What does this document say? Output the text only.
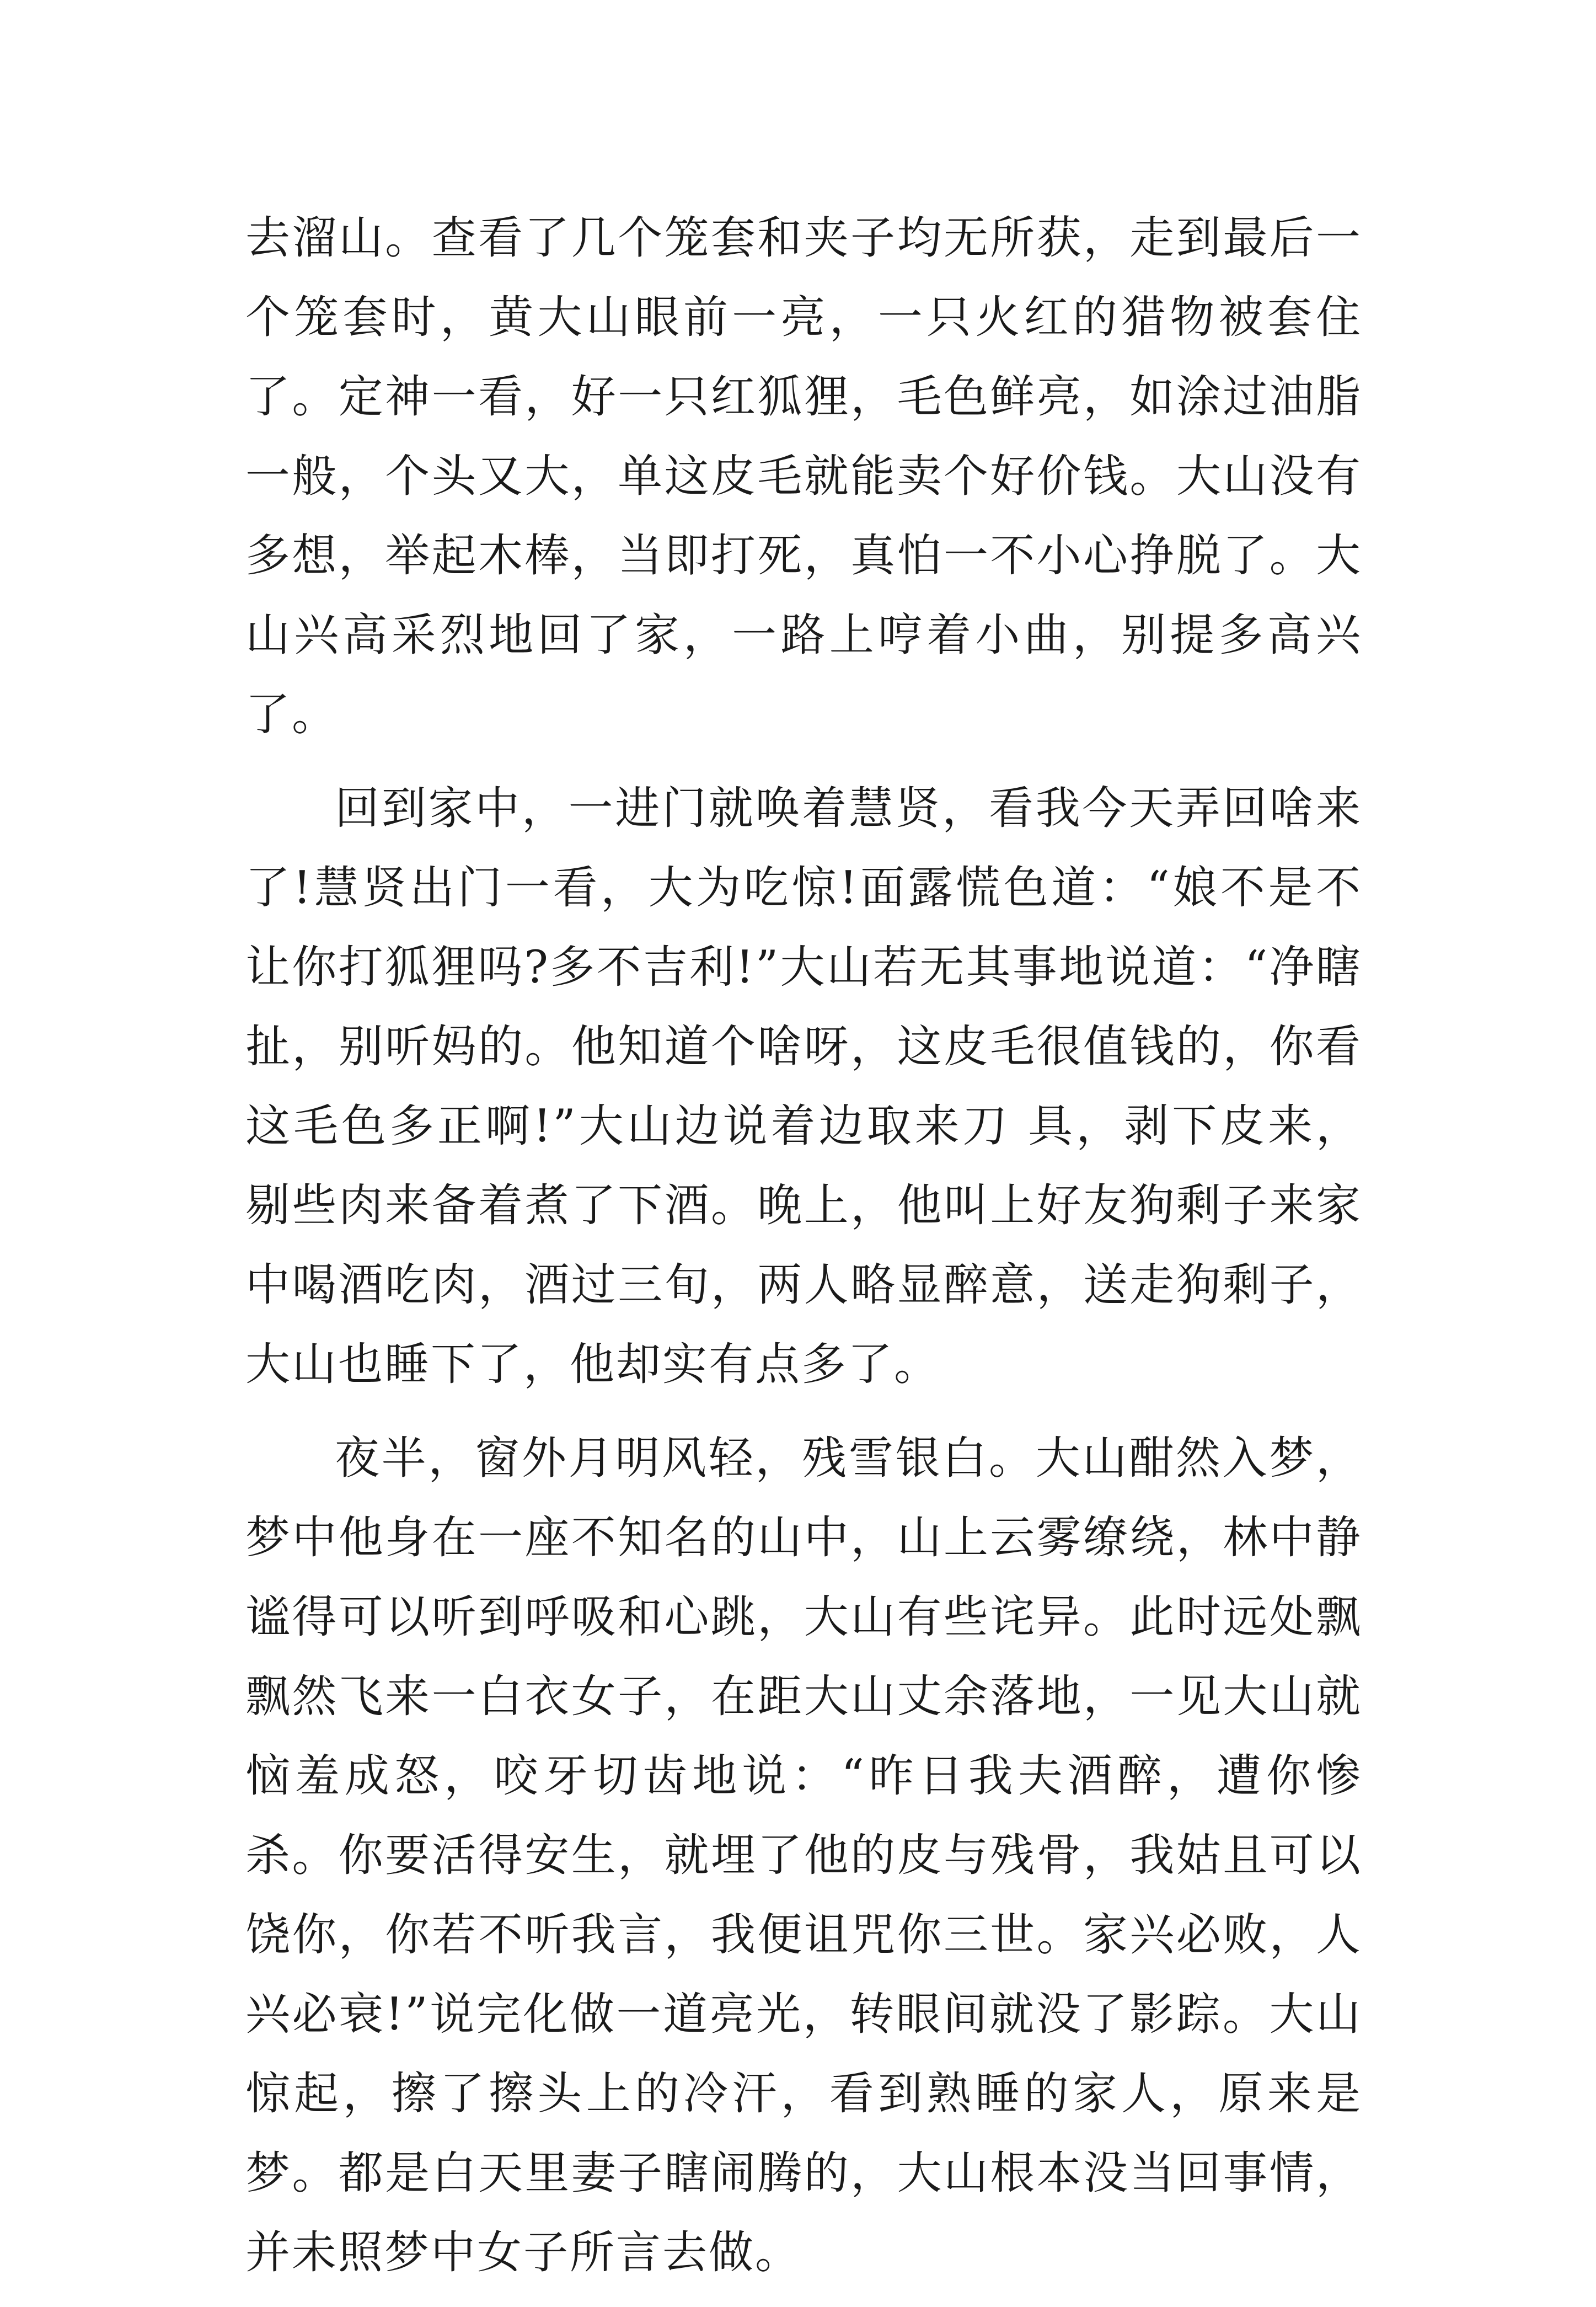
去溜山。查看了几个笼套和夹子均无所获，走到最后一个笼套时，黄大山眼前一亮，一只火红的猎物被套住了。定神一看，好一只红狐狸，毛色鲜亮，如涂过油脂一般，个头又大，单这皮毛就能卖个好价钱。大山没有多想，举起木棒，当即打死，真怕一不小心挣脱了。大山兴高采烈地回了家，一路上哼着小曲，别提多高兴了。

回到家中，一进门就唤着慧贤，看我今天弄回啥来了!慧贤出门一看，大为吃惊!面露慌色道：“娘不是不让你打狐狸吗?多不吉利!”大山若无其事地说道：“净瞎扯，别听妈的。他知道个啥呀，这皮毛很值钱的，你看这毛色多正啊!”大山边说着边取来刀 具，剥下皮来，剔些肉来备着煮了下酒。晚上，他叫上好友狗剩子来家中喝酒吃肉，酒过三旬，两人略显醉意，送走狗剩子，大山也睡下了，他却实有点多了。

夜半，窗外月明风轻，残雪银白。大山酣然入梦，梦中他身在一座不知名的山中，山上云雾缭绕，林中静谧得可以听到呼吸和心跳，大山有些诧异。此时远处飘飘然飞来一白衣女子，在距大山丈余落地，一见大山就恼羞成怒，咬牙切齿地说：“昨日我夫酒醉，遭你惨杀。你要活得安生，就埋了他的皮与残骨，我姑且可以饶你，你若不听我言，我便诅咒你三世。家兴必败，人兴必衰!”说完化做一道亮光，转眼间就没了影踪。大山惊起，擦了擦头上的冷汗，看到熟睡的家人，原来是梦。都是白天里妻子瞎闹腾的，大山根本没当回事情，并未照梦中女子所言去做。
